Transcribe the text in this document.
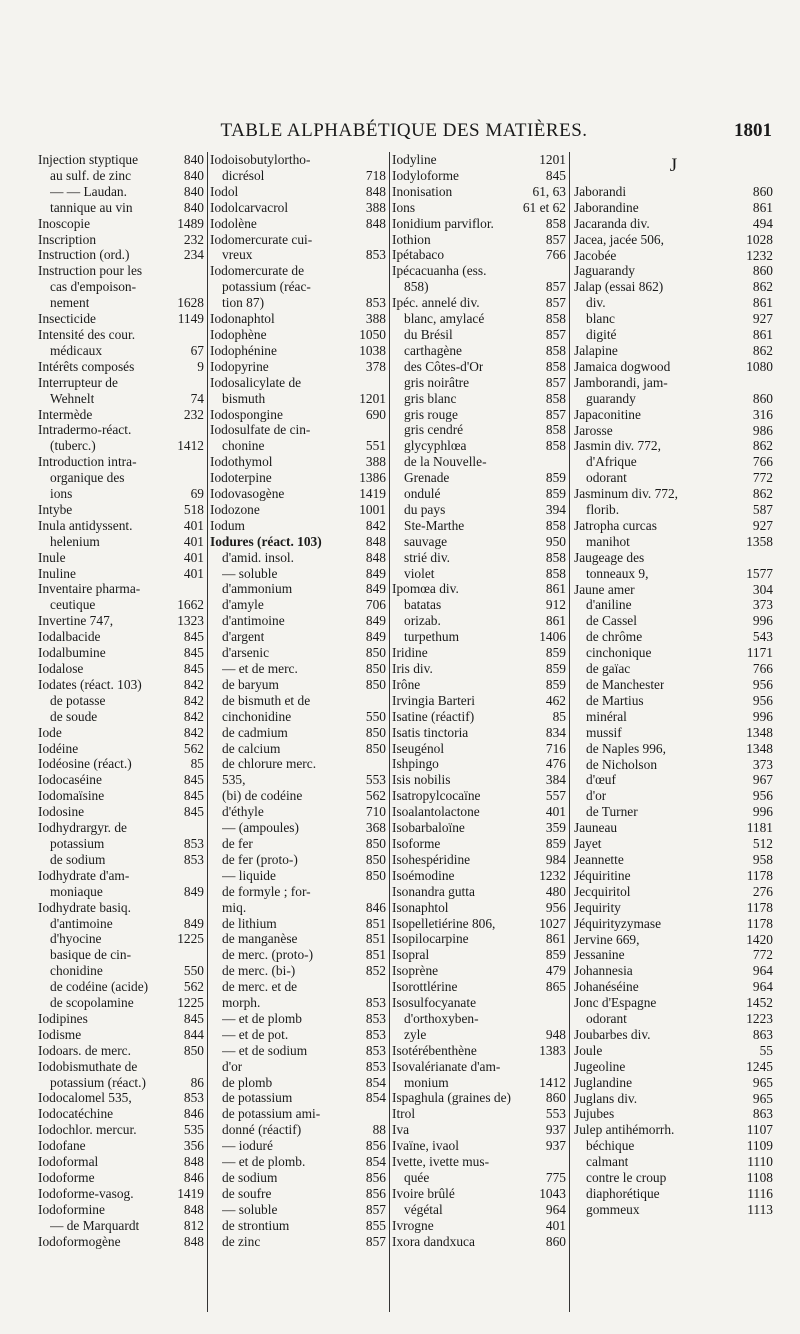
TABLE ALPHABÉTIQUE DES MATIÈRES.	1801
Injection styptique	840
au sulf. de zinc	840
— — Laudan.	840
tannique au vin	840
Inoscopie	1489
Inscription	232
Instruction (ord.)	234
Instruction pour les
cas d'empoison-
nement	1628
Insecticide	1149
Intensité des cour.
médicaux	67
Intérêts composés	9
Interrupteur de
Wehnelt	74
Intermède	232
Intradermo-réact.
(tuberc.)	1412
Introduction intra-
organique des
ions	69
Intybe	518
Inula antidyssent.	401
helenium	401
Inule	401
Inuline	401
Inventaire pharma-
ceutique	1662
Invertine 747,	1323
Iodalbacide	845
Iodalbumine	845
Iodalose	845
Iodates (réact. 103)	842
de potasse	842
de soude	842
Iode	842
Iodéine	562
Iodéosine (réact.)	85
Iodocaséine	845
Iodomaïsine	845
Iodosine	845
Iodhydrargyr. de
potassium	853
de sodium	853
Iodhydrate d'am-
moniaque	849
Iodhydrate basiq.
d'antimoine	849
d'hyocine	1225
basique de cin-
chonidine	550
de codéine (acide)	562
de scopolamine	1225
Iodipines	845
Iodisme	844
Iodoars. de merc.	850
Iodobismuthate de
potassium (réact.)	86
Iodocalomel 535,	853
Iodocatéchine	846
Iodochlor. mercur.	535
Iodofane	356
Iodoformal	848
Iodoforme	846
Iodoforme-vasog.	1419
Iodoformine	848
— de Marquardt	812
Iodoformogène	848
Iodoisobutylortho-
dicrésol	718
Iodol	848
Iodolcarvacrol	388
Iodolène	848
Iodomercurate cui-
vreux	853
Iodomercurate de
potassium (réac-
tion 87)	853
Iodonaphtol	388
Iodophène	1050
Iodophénine	1038
Iodopyrine	378
Iodosalicylate de
bismuth	1201
Iodospongine	690
Iodosulfate de cin-
chonine	551
Iodothymol	388
Iodoterpine	1386
Iodovasogène	1419
Iodozone	1001
Iodum	842
Iodures (réact. 103)	848
d'amid. insol.	848
— soluble	849
d'ammonium	849
d'amyle	706
d'antimoine	849
d'argent	849
d'arsenic	850
— et de merc.	850
de baryum	850
de bismuth et de
cinchonidine	550
de cadmium	850
de calcium	850
de chlorure merc.
535,	553
(bi) de codéine	562
d'éthyle	710
— (ampoules)	368
de fer	850
de fer (proto-)	850
— liquide	850
de formyle ; for-
miq.	846
de lithium	851
de manganèse	851
de merc. (proto-)	851
de merc. (bi-)	852
de merc. et de
morph.	853
— et de plomb	853
— et de pot.	853
— et de sodium	853
d'or	853
de plomb	854
de potassium	854
de potassium ami-
donné (réactif)	88
— ioduré	856
— et de plomb.	854
de sodium	856
de soufre	856
— soluble	857
de strontium	855
de zinc	857
Iodyline	1201
Iodyloforme	845
Inonisation	61, 63
Ions	61 et 62
Ionidium parviflor.	858
Iothion	857
Ipétabaco	766
Ipécacuanha (ess.
858)	857
Ipéc. annelé div.	857
blanc, amylacé	858
du Brésil	857
carthagène	858
des Côtes-d'Or	858
gris noirâtre	857
gris blanc	858
gris rouge	857
gris cendré	858
glycyphlœa	858
de la Nouvelle-
Grenade	859
ondulé	859
du pays	394
Ste-Marthe	858
sauvage	950
strié div.	858
violet	858
Ipomœa div.	861
batatas	912
orizab.	861
turpethum	1406
Iridine	859
Iris div.	859
Irône	859
Irvingia Barteri	462
Isatine (réactif)	85
Isatis tinctoria	834
Iseugénol	716
Ishpingo	476
Isis nobilis	384
Isatropylcocaïne	557
Isoalantolactone	401
Isobarbaloïne	359
Isoforme	859
Isohespéridine	984
Isoémodine	1232
Isonandra gutta	480
Isonaphtol	956
Isopelletiérine 806,	1027
Isopilocarpine	861
Isopral	859
Isoprène	479
Isorottlérine	865
Isosulfocyanate
d'orthoxyben-
zyle	948
Isotérébenthène	1383
Isovalérianate d'am-
monium	1412
Ispaghula (graines de)	860
Itrol	553
Iva	937
Ivaïne, ivaol	937
Ivette, ivette mus-
quée	775
Ivoire brûlé	1043
végétal	964
Ivrogne	401
Ixora dandxuca	860
J
Jaborandi	860
Jaborandine	861
Jacaranda div.	494
Jacea, jacée 506,	1028
Jacobée	1232
Jaguarandy	860
Jalap (essai 862)	862
div.	861
blanc	927
digité	861
Jalapine	862
Jamaica dogwood	1080
Jamborandi, jam-
guarandy	860
Japaconitine	316
Jarosse	986
Jasmin div. 772,	862
d'Afrique	766
odorant	772
Jasminum div. 772,	862
florib.	587
Jatropha curcas	927
manihot	1358
Jaugeage des
tonneaux 9,	1577
Jaune amer	304
d'aniline	373
de Cassel	996
de chrôme	543
cinchonique	1171
de gaïac	766
de Manchester	956
de Martius	956
minéral	996
mussif	1348
de Naples 996,	1348
de Nicholson	373
d'œuf	967
d'or	956
de Turner	996
Jauneau	1181
Jayet	512
Jeannette	958
Jéquiritine	1178
Jecquiritol	276
Jequirity	1178
Jéquirityzymase	1178
Jervine 669,	1420
Jessanine	772
Johannesia	964
Johanéséine	964
Jonc d'Espagne	1452
odorant	1223
Joubarbes div.	863
Joule	55
Jugeoline	1245
Juglandine	965
Juglans div.	965
Jujubes	863
Julep antihémorrh.	1107
béchique	1109
calmant	1110
contre le croup	1108
diaphorétique	1116
gommeux	1113
